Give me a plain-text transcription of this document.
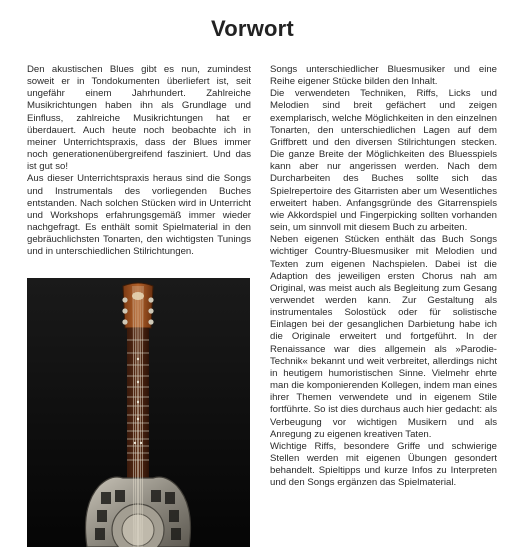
Vorwort

Den akustischen Blues gibt es nun, zumindest soweit er in Tondokumenten überliefert ist, seit ungefähr einem Jahrhundert. Zahlreiche Musikrichtungen haben ihn als Grundlage und Einfluss, zahlreiche Musikrichtungen hat er überdauert. Auch heute noch beobachte ich in meiner Unterrichtspraxis, dass der Blues immer noch generationenübergreifend fasziniert. Und das ist gut so!

Aus dieser Unterrichtspraxis heraus sind die Songs und Instrumentals des vorliegenden Buches entstanden. Nach solchen Stücken wird in Unterricht und Workshops erfahrungsgemäß immer wieder nachgefragt. Es enthält somit Spielmaterial in den gebräuchlichsten Tonarten, den wichtigsten Tunings und in unterschiedlichen Stilrichtungen.

Songs unterschiedlicher Bluesmusiker und eine Reihe eigener Stücke bilden den Inhalt.

Die verwendeten Techniken, Riffs, Licks und Melodien sind breit gefächert und zeigen exemplarisch, welche Möglichkeiten in den einzelnen Tonarten, den unterschiedlichen Lagen auf dem Griffbrett und den diversen Stilrichtungen stecken. Die ganze Breite der Möglichkeiten des Bluesspiels kann aber nur angerissen werden. Nach dem Durcharbeiten des Buches sollte sich das Spielrepertoire des Gitarristen aber um Wesentliches erweitert haben. Anfangsgründe des Gitarrenspiels wie Akkordspiel und Fingerpicking sollten vorhanden sein, um sinnvoll mit diesem Buch zu arbeiten.

Neben eigenen Stücken enthält das Buch Songs wichtiger Country-Bluesmusiker mit Melodien und Texten zum eigenen Nachspielen. Dabei ist die Adaption des jeweiligen ersten Chorus nah am Original, was meist auch als Begleitung zum Gesang verwendet werden kann. Zur Gestaltung als instrumentales Solostück oder für solistische Einlagen bei der gesanglichen Darbietung habe ich die Originale erweitert und fortgeführt. In der Renaissance war dies allgemein als »Parodie-Technik« bekannt und weit verbreitet, allerdings nicht in heutigem humoristischen Sinne. Vielmehr ehrte man die komponierenden Kollegen, indem man eines ihrer Themen verwendete und in eigenem Stile fortführte. So ist dies durchaus auch hier gedacht: als Verbeugung vor wichtigen Musikern und als Anregung zu eigenen kreativen Taten.

Wichtige Riffs, besondere Griffe und schwierige Stellen werden mit eigenen Übungen gesondert behandelt. Spieltipps und kurze Infos zu Interpreten und den Songs ergänzen das Spielmaterial.
